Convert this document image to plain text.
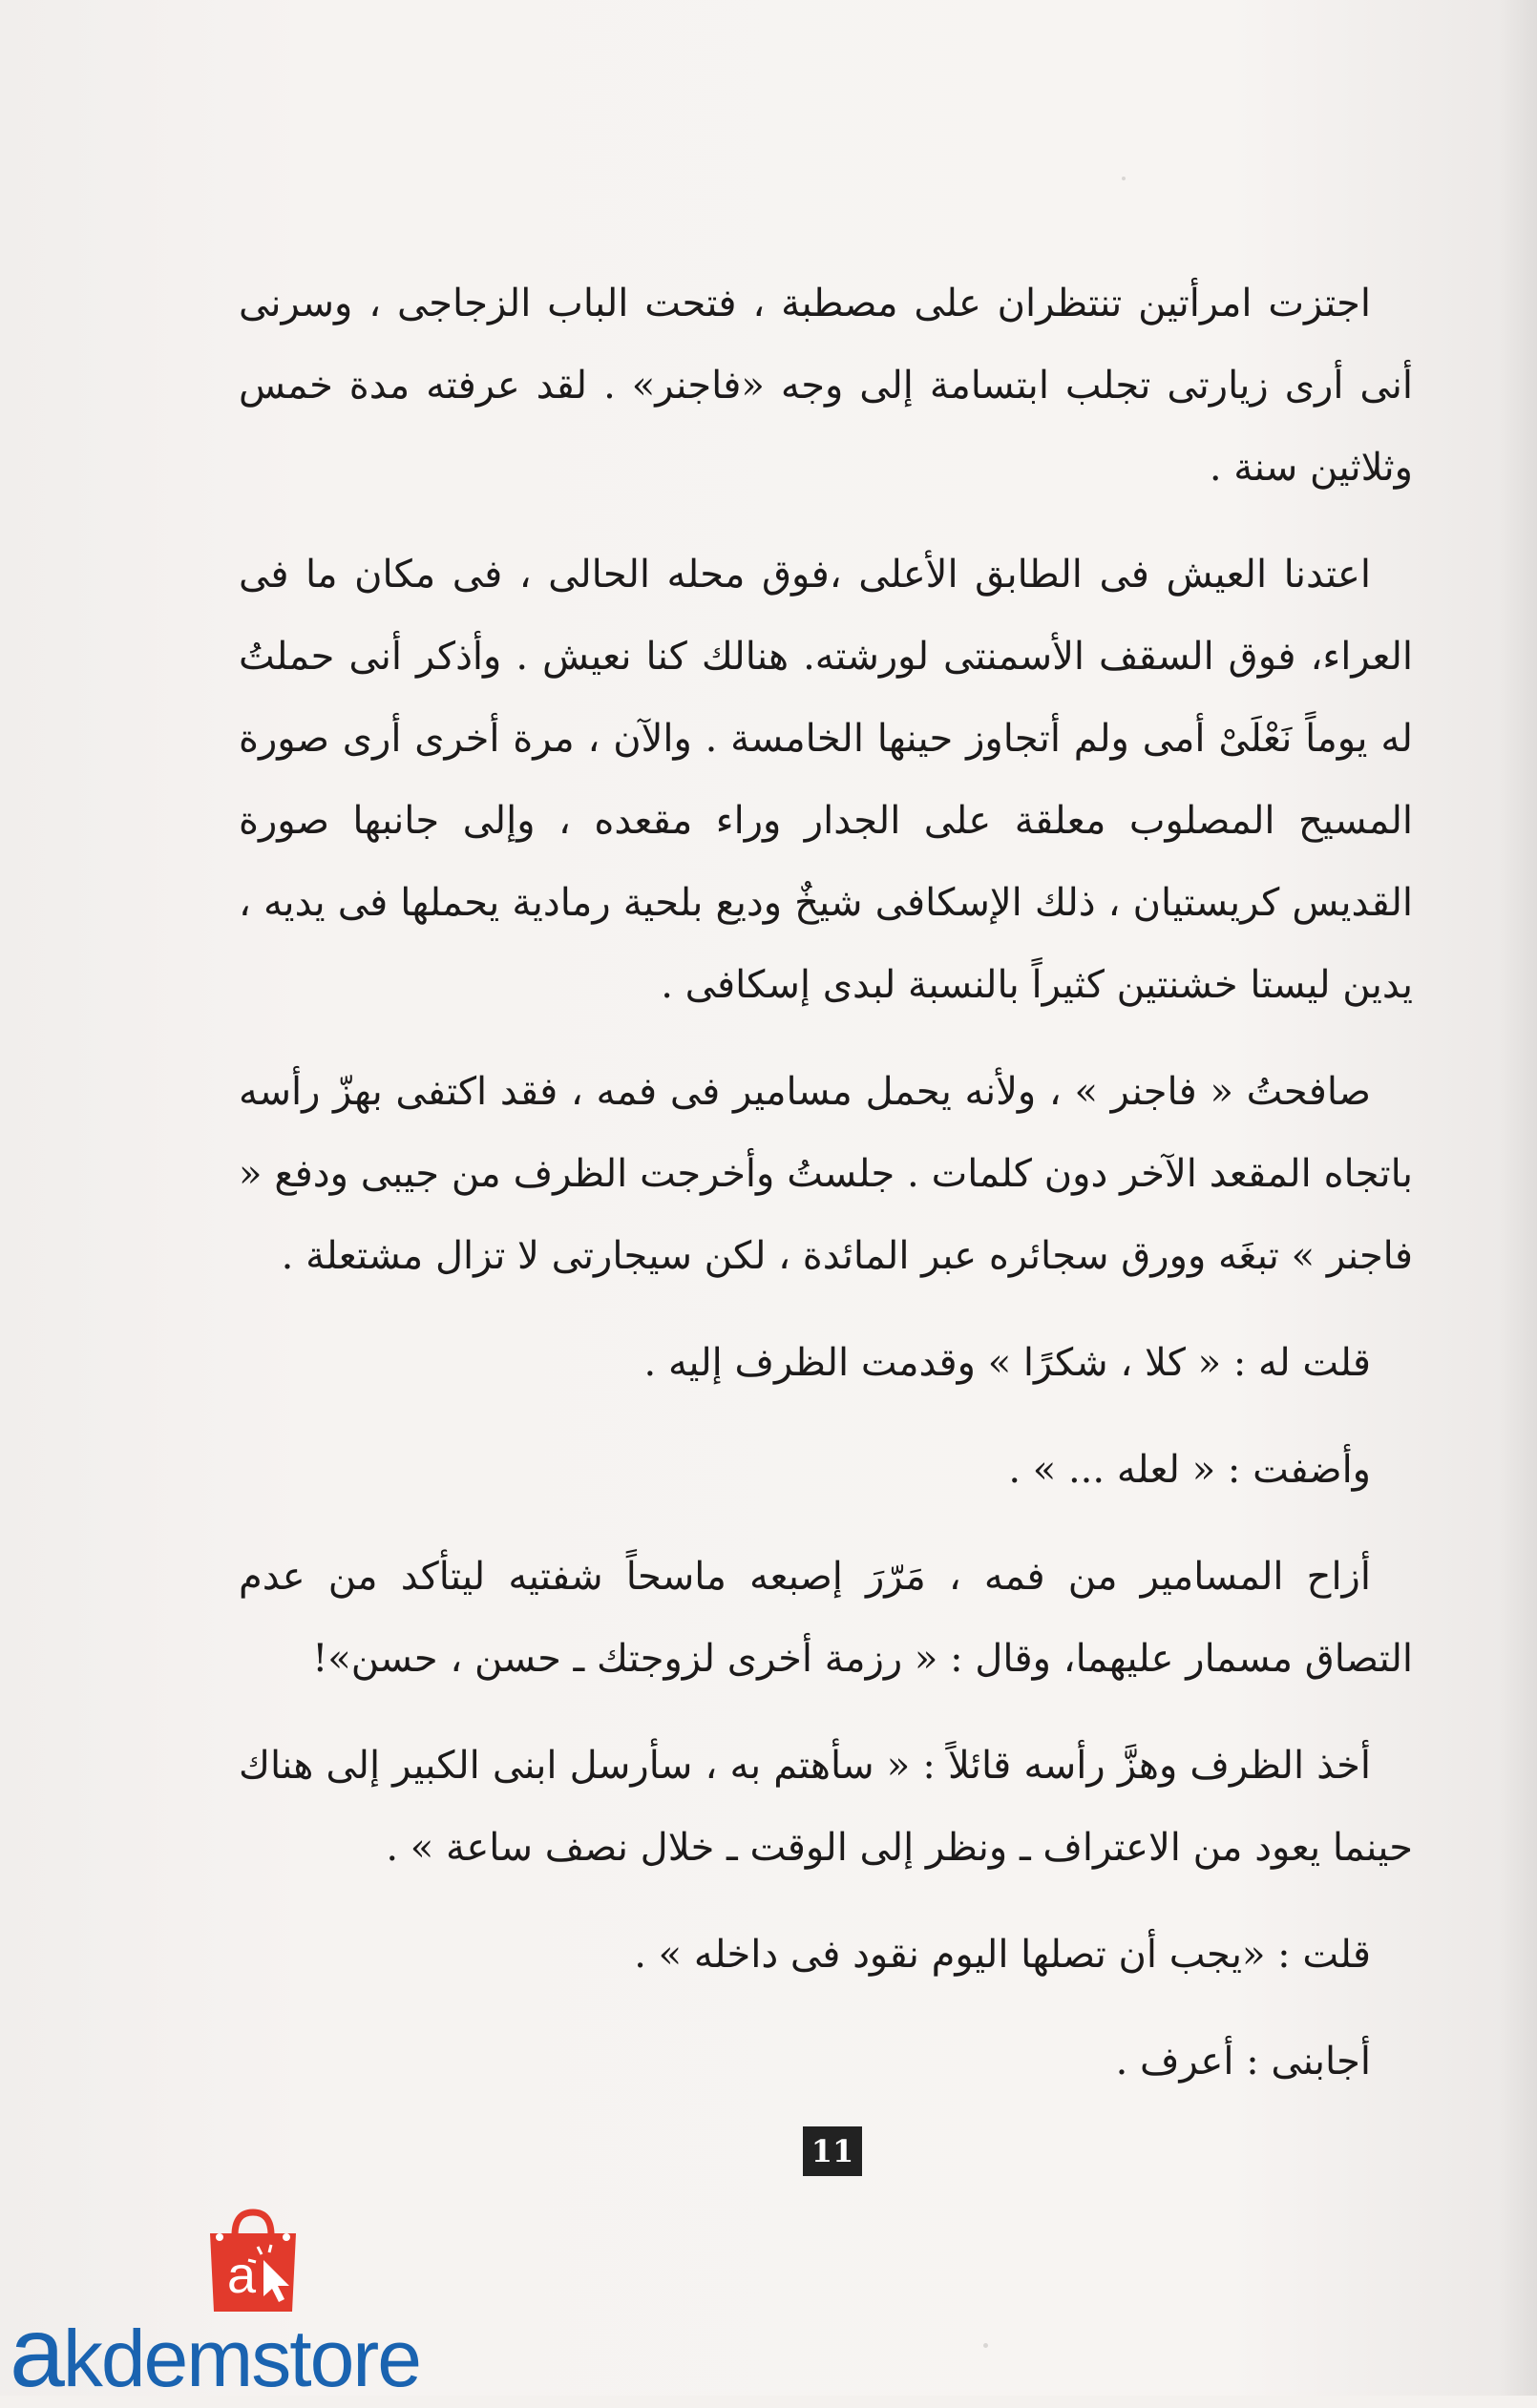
اجتزت امرأتين تنتظران على مصطبة ، فتحت الباب الزجاجى ، وسرنى أنى أرى زيارتى تجلب ابتسامة إلى وجه «فاجنر» . لقد عرفته مدة خمس وثلاثين سنة .

اعتدنا العيش فى الطابق الأعلى ،فوق محله الحالى ، فى مكان ما فى العراء، فوق السقف الأسمنتى لورشته. هنالك كنا نعيش . وأذكر أنى حملتُ له يوماً نَعْلَىْ أمى ولم أتجاوز حينها الخامسة . والآن ، مرة أخرى أرى صورة المسيح المصلوب معلقة على الجدار وراء مقعده ، وإلى جانبها صورة القديس كريستيان ، ذلك الإسكافى شيخٌ وديع بلحية رمادية يحملها فى يديه ، يدين ليستا خشنتين كثيراً بالنسبة لبدى إسكافى .

صافحتُ « فاجنر » ، ولأنه يحمل مسامير فى فمه ، فقد اكتفى بهزّ رأسه باتجاه المقعد الآخر دون كلمات . جلستُ وأخرجت الظرف من جيبى ودفع « فاجنر » تبغَه وورق سجائره عبر المائدة ، لكن سيجارتى لا تزال مشتعلة .

قلت له : « كلا ، شكرًا » وقدمت الظرف إليه .

وأضفت : « لعله ... » .

أزاح المسامير من فمه ، مَرّرَ إصبعه ماسحاً شفتيه ليتأكد من عدم التصاق مسمار عليهما، وقال : « رزمة أخرى لزوجتك ـ حسن ، حسن»!

أخذ الظرف وهزَّ رأسه قائلاً : « سأهتم به ، سأرسل ابنى الكبير إلى هناك حينما يعود من الاعتراف ـ ونظر إلى الوقت ـ خلال نصف ساعة » .

قلت : «يجب أن تصلها اليوم نقود فى داخله » .

أجابنى : أعرف .

11
a
akdemstore
